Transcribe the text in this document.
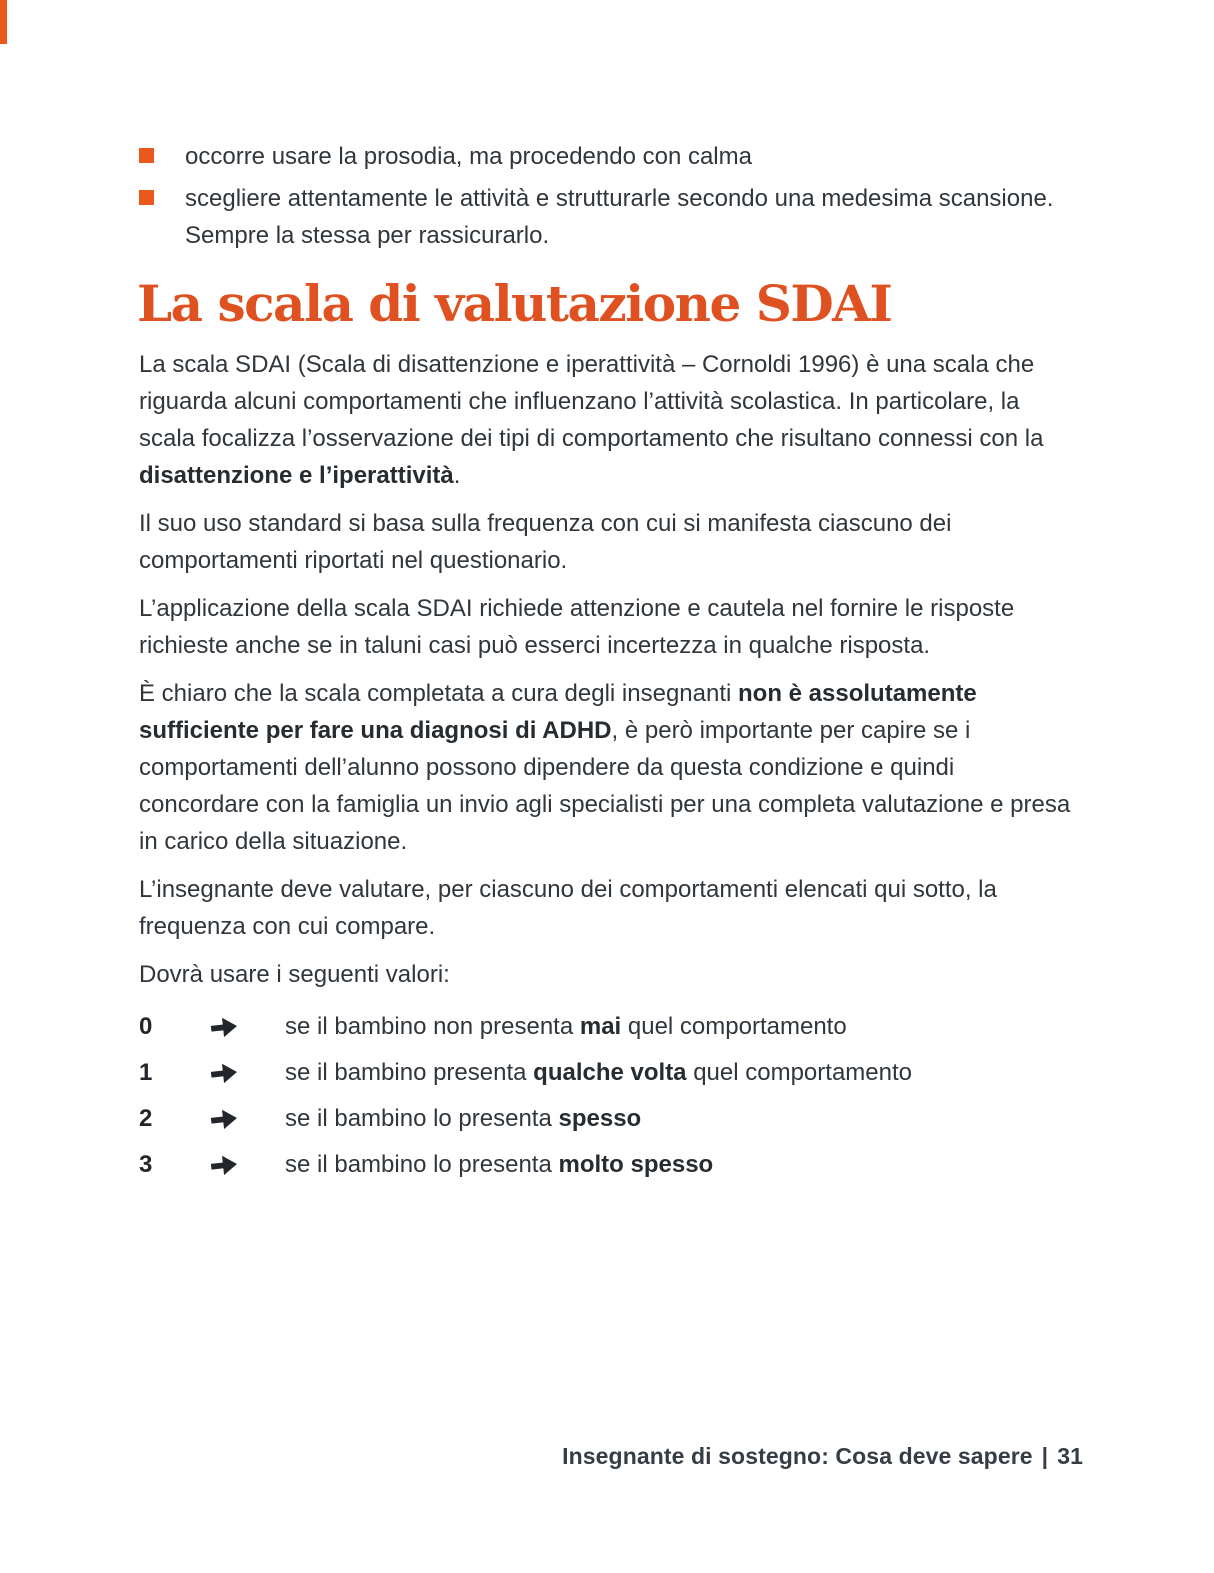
occorre usare la prosodia, ma procedendo con calma

scegliere attentamente le attività e strutturarle secondo una medesima scansione. Sempre la stessa per rassicurarlo.

La scala di valutazione SDAI

La scala SDAI (Scala di disattenzione e iperattività – Cornoldi 1996) è una scala che riguarda alcuni comportamenti che influenzano l’attività scolastica. In particolare, la scala focalizza l’osservazione dei tipi di comportamento che risultano connessi con la disattenzione e l’iperattività.

Il suo uso standard si basa sulla frequenza con cui si manifesta ciascuno dei comportamenti riportati nel questionario.

L’applicazione della scala SDAI richiede attenzione e cautela nel fornire le risposte richieste anche se in taluni casi può esserci incertezza in qualche risposta.

È chiaro che la scala completata a cura degli insegnanti non è assolutamente sufficiente per fare una diagnosi di ADHD, è però importante per capire se i comportamenti dell’alunno possono dipendere da questa condizione e quindi concordare con la famiglia un invio agli specialisti per una completa valutazione e presa in carico della situazione.

L’insegnante deve valutare, per ciascuno dei comportamenti elencati qui sotto, la frequenza con cui compare.

Dovrà usare i seguenti valori:

0	se il bambino non presenta mai quel comportamento

1	se il bambino presenta qualche volta quel comportamento

2	se il bambino lo presenta spesso

3	se il bambino lo presenta molto spesso

Insegnante di sostegno: Cosa deve sapere | 31
